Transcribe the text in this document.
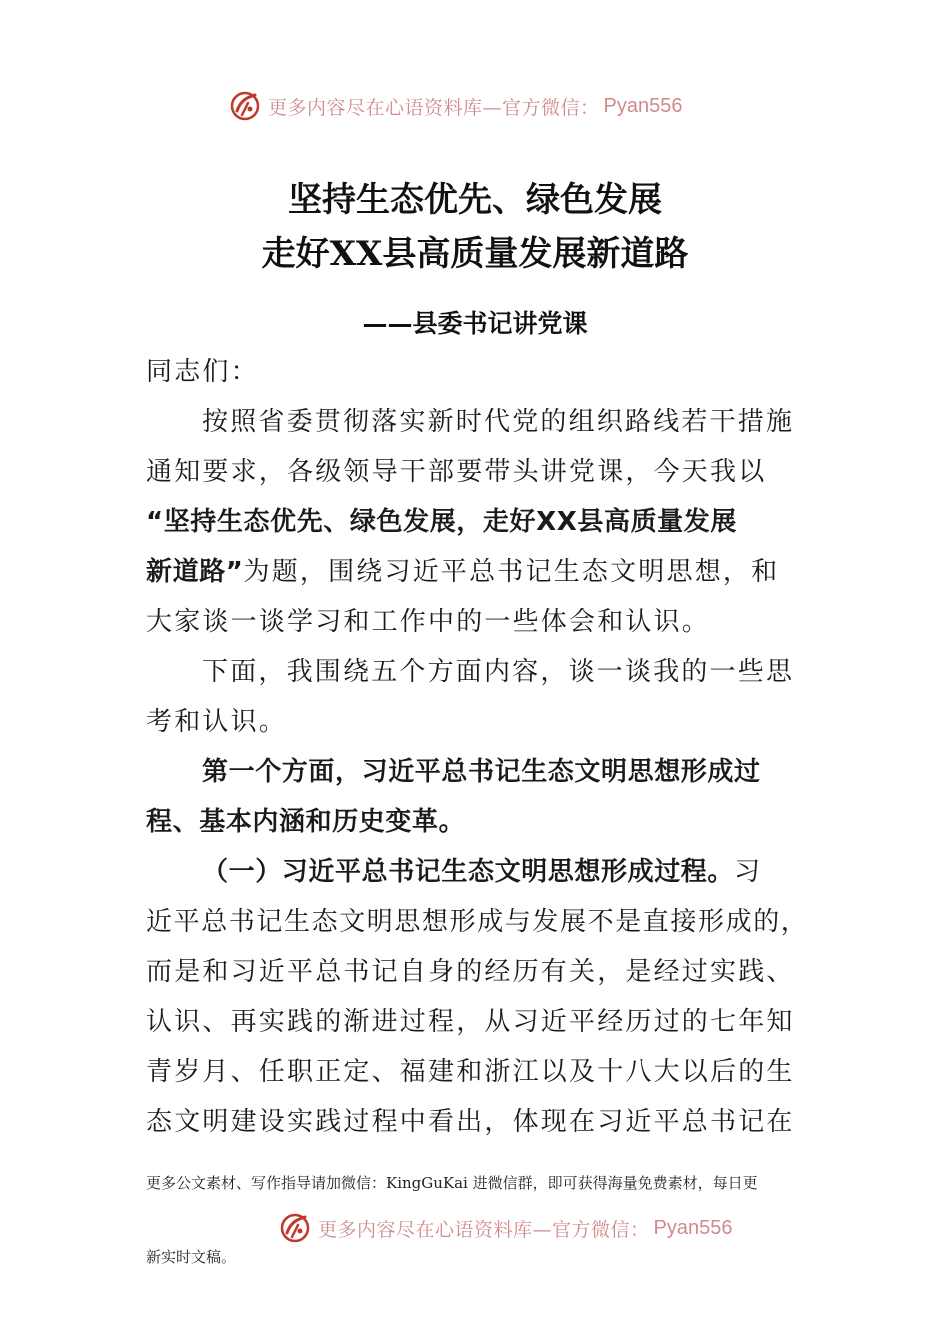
更多内容尽在心语资料库—官方微信： Pyan556
坚持生态优先、绿色发展
走好XX县高质量发展新道路
——县委书记讲党课
同志们：
按照省委贯彻落实新时代党的组织路线若干措施
通知要求，各级领导干部要带头讲党课，今天我以
“坚持生态优先、绿色发展，走好XX县高质量发展
新道路”为题，围绕习近平总书记生态文明思想，和
大家谈一谈学习和工作中的一些体会和认识。
下面，我围绕五个方面内容，谈一谈我的一些思
考和认识。
第一个方面，习近平总书记生态文明思想形成过
程、基本内涵和历史变革。
（一）习近平总书记生态文明思想形成过程。习
近平总书记生态文明思想形成与发展不是直接形成的，
而是和习近平总书记自身的经历有关，是经过实践、
认识、再实践的渐进过程，从习近平经历过的七年知
青岁月、任职正定、福建和浙江以及十八大以后的生
态文明建设实践过程中看出，体现在习近平总书记在
更多公文素材、写作指导请加微信：KingGuKai 进微信群，即可获得海量免费素材，每日更
更多内容尽在心语资料库—官方微信： Pyan556
新实时文稿。
